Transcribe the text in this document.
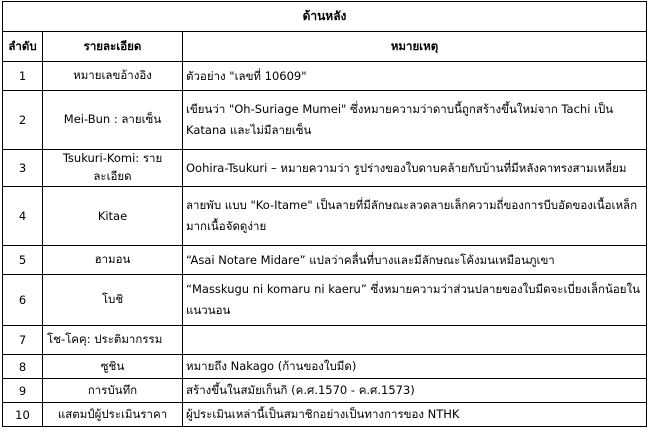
ด้านหลัง		
ลำดับ	รายละเอียด	หมายเหตุ
1	หมายเลขอ้างอิง	ตัวอย่าง "เลขที่ 10609"
2	Mei-Bun : ลายเซ็น	เขียนว่า "Oh-Suriage Mumei" ซึ่งหมายความว่าดาบนี้ถูกสร้างขึ้นใหม่จาก Tachi เป็น Katana และไม่มีลายเซ็น
3	Tsukuri-Komi: รายละเอียด	Oohira-Tsukuri – หมายความว่า รูปร่างของใบดาบคล้ายกับบ้านที่มีหลังคาทรงสามเหลี่ยม
4	Kitae	ลายพับ แบบ "Ko-Itame" เป็นลายที่มีลักษณะลวดลายเล็กความถี่ของการบีบอัดของเนื้อเหล็กมากเนื้อจัดดูง่าย
5	ฮามอน	“Asai Notare Midare” แปลว่าคลื่นที่บางและมีลักษณะโค้งมนเหมือนภูเขา
6	โบชิ	“Masskugu ni komaru ni kaeru” ซึ่งหมายความว่าส่วนปลายของใบมีดจะเบี่ยงเล็กน้อยในแนวนอน
7	โช-โคคุ: ประติมากรรม	
8	ซูชิน	หมายถึง Nakago (ก้านของใบมีด)
9	การบันทึก	สร้างขึ้นในสมัยเก็นกิ (ค.ศ.1570 - ค.ศ.1573)
10	แสตมป์ผู้ประเมินราคา	ผู้ประเมินเหล่านี้เป็นสมาชิกอย่างเป็นทางการของ NTHK
